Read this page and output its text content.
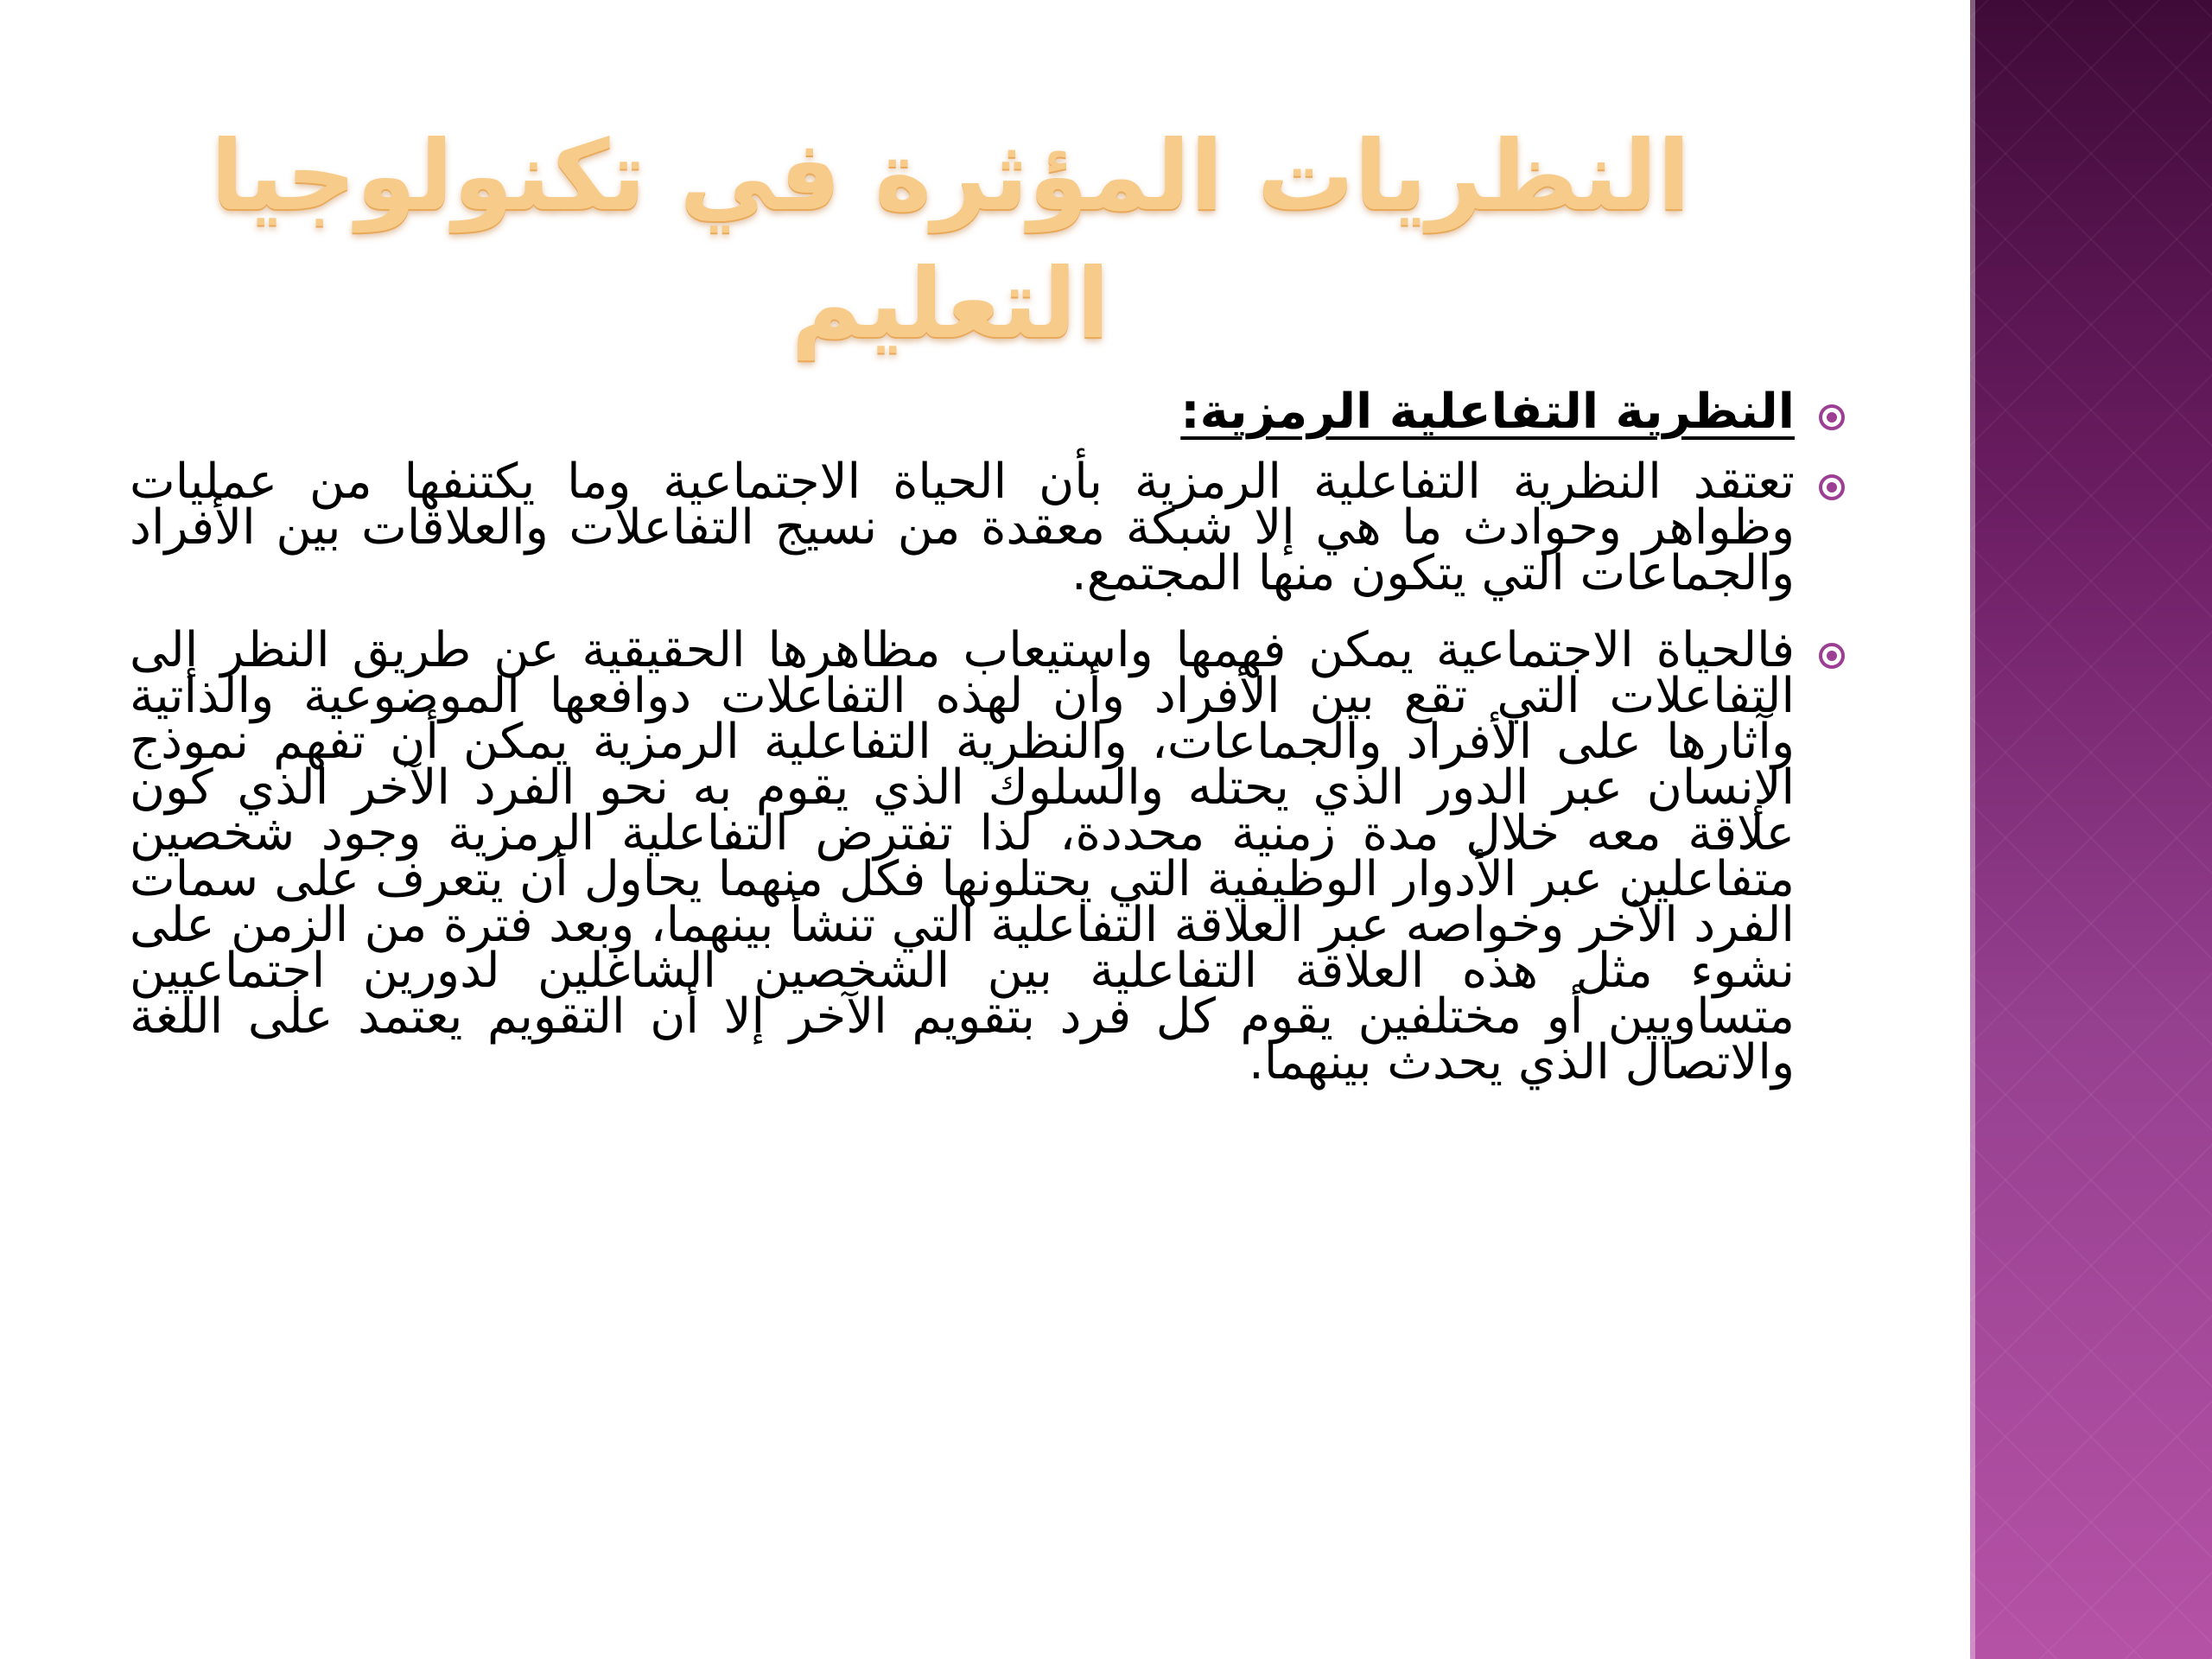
النظريات المؤثرة في تكنولوجيا التعليم
النظرية التفاعلية الرمزية:
تعتقد النظرية التفاعلية الرمزية بأن الحياة الاجتماعية وما يكتنفها من عمليات وظواهر وحوادث ما هي إلا شبكة معقدة من نسيج التفاعلات والعلاقات بين الأفراد والجماعات التي يتكون منها المجتمع.
فالحياة الاجتماعية يمكن فهمها واستيعاب مظاهرها الحقيقية عن طريق النظر إلى التفاعلات التي تقع بين الأفراد وأن لهذه التفاعلات دوافعها الموضوعية والذاتية وآثارها على الأفراد والجماعات، والنظرية التفاعلية الرمزية يمكن أن تفهم نموذج الإنسان عبر الدور الذي يحتله والسلوك الذي يقوم به نحو الفرد الآخر الذي كون علاقة معه خلال مدة زمنية محددة، لذا تفترض التفاعلية الرمزية وجود شخصين متفاعلين عبر الأدوار الوظيفية التي يحتلونها فكل منهما يحاول أن يتعرف على سمات الفرد الآخر وخواصه عبر العلاقة التفاعلية التي تنشأ بينهما، وبعد فترة من الزمن على نشوء مثل هذه العلاقة التفاعلية بين الشخصين الشاغلين لدورين اجتماعيين متساويين أو مختلفين يقوم كل فرد بتقويم الآخر إلا أن التقويم يعتمد على اللغة والاتصال الذي يحدث بينهما.
